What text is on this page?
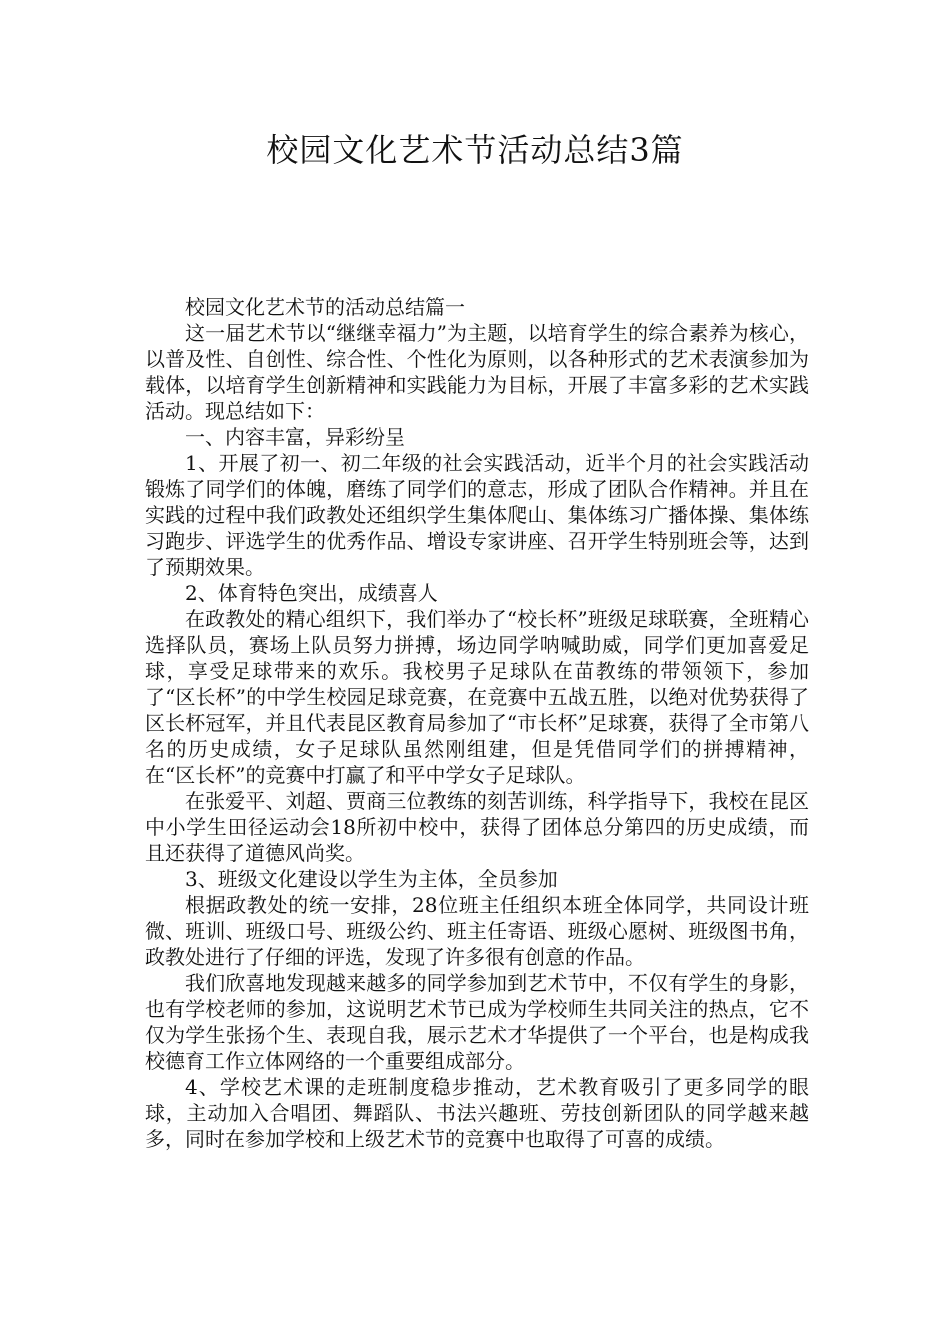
校园文化艺术节活动总结3篇

校园文化艺术节的活动总结篇一

这一届艺术节以“继继幸福力”为主题，以培育学生的综合素养为核心，以普及性、自创性、综合性、个性化为原则，以各种形式的艺术表演参加为载体，以培育学生创新精神和实践能力为目标，开展了丰富多彩的艺术实践活动。现总结如下：

一、内容丰富，异彩纷呈

1、开展了初一、初二年级的社会实践活动，近半个月的社会实践活动锻炼了同学们的体魄，磨练了同学们的意志，形成了团队合作精神。并且在实践的过程中我们政教处还组织学生集体爬山、集体练习广播体操、集体练习跑步、评选学生的优秀作品、增设专家讲座、召开学生特别班会等，达到了预期效果。

2、体育特色突出，成绩喜人

在政教处的精心组织下，我们举办了“校长杯”班级足球联赛，全班精心选择队员，赛场上队员努力拼搏，场边同学呐喊助威，同学们更加喜爱足球，享受足球带来的欢乐。我校男子足球队在苗教练的带领领下，参加了“区长杯”的中学生校园足球竞赛，在竞赛中五战五胜，以绝对优势获得了区长杯冠军，并且代表昆区教育局参加了“市长杯”足球赛，获得了全市第八名的历史成绩，女子足球队虽然刚组建，但是凭借同学们的拼搏精神，在“区长杯”的竞赛中打赢了和平中学女子足球队。

在张爱平、刘超、贾商三位教练的刻苦训练，科学指导下，我校在昆区中小学生田径运动会18所初中校中，获得了团体总分第四的历史成绩，而且还获得了道德风尚奖。

3、班级文化建设以学生为主体，全员参加

根据政教处的统一安排，28位班主任组织本班全体同学，共同设计班微、班训、班级口号、班级公约、班主任寄语、班级心愿树、班级图书角，政教处进行了仔细的评选，发现了许多很有创意的作品。

我们欣喜地发现越来越多的同学参加到艺术节中，不仅有学生的身影，也有学校老师的参加，这说明艺术节已成为学校师生共同关注的热点，它不仅为学生张扬个生、表现自我，展示艺术才华提供了一个平台，也是构成我校德育工作立体网络的一个重要组成部分。

4、学校艺术课的走班制度稳步推动，艺术教育吸引了更多同学的眼球，主动加入合唱团、舞蹈队、书法兴趣班、劳技创新团队的同学越来越多，同时在参加学校和上级艺术节的竞赛中也取得了可喜的成绩。
